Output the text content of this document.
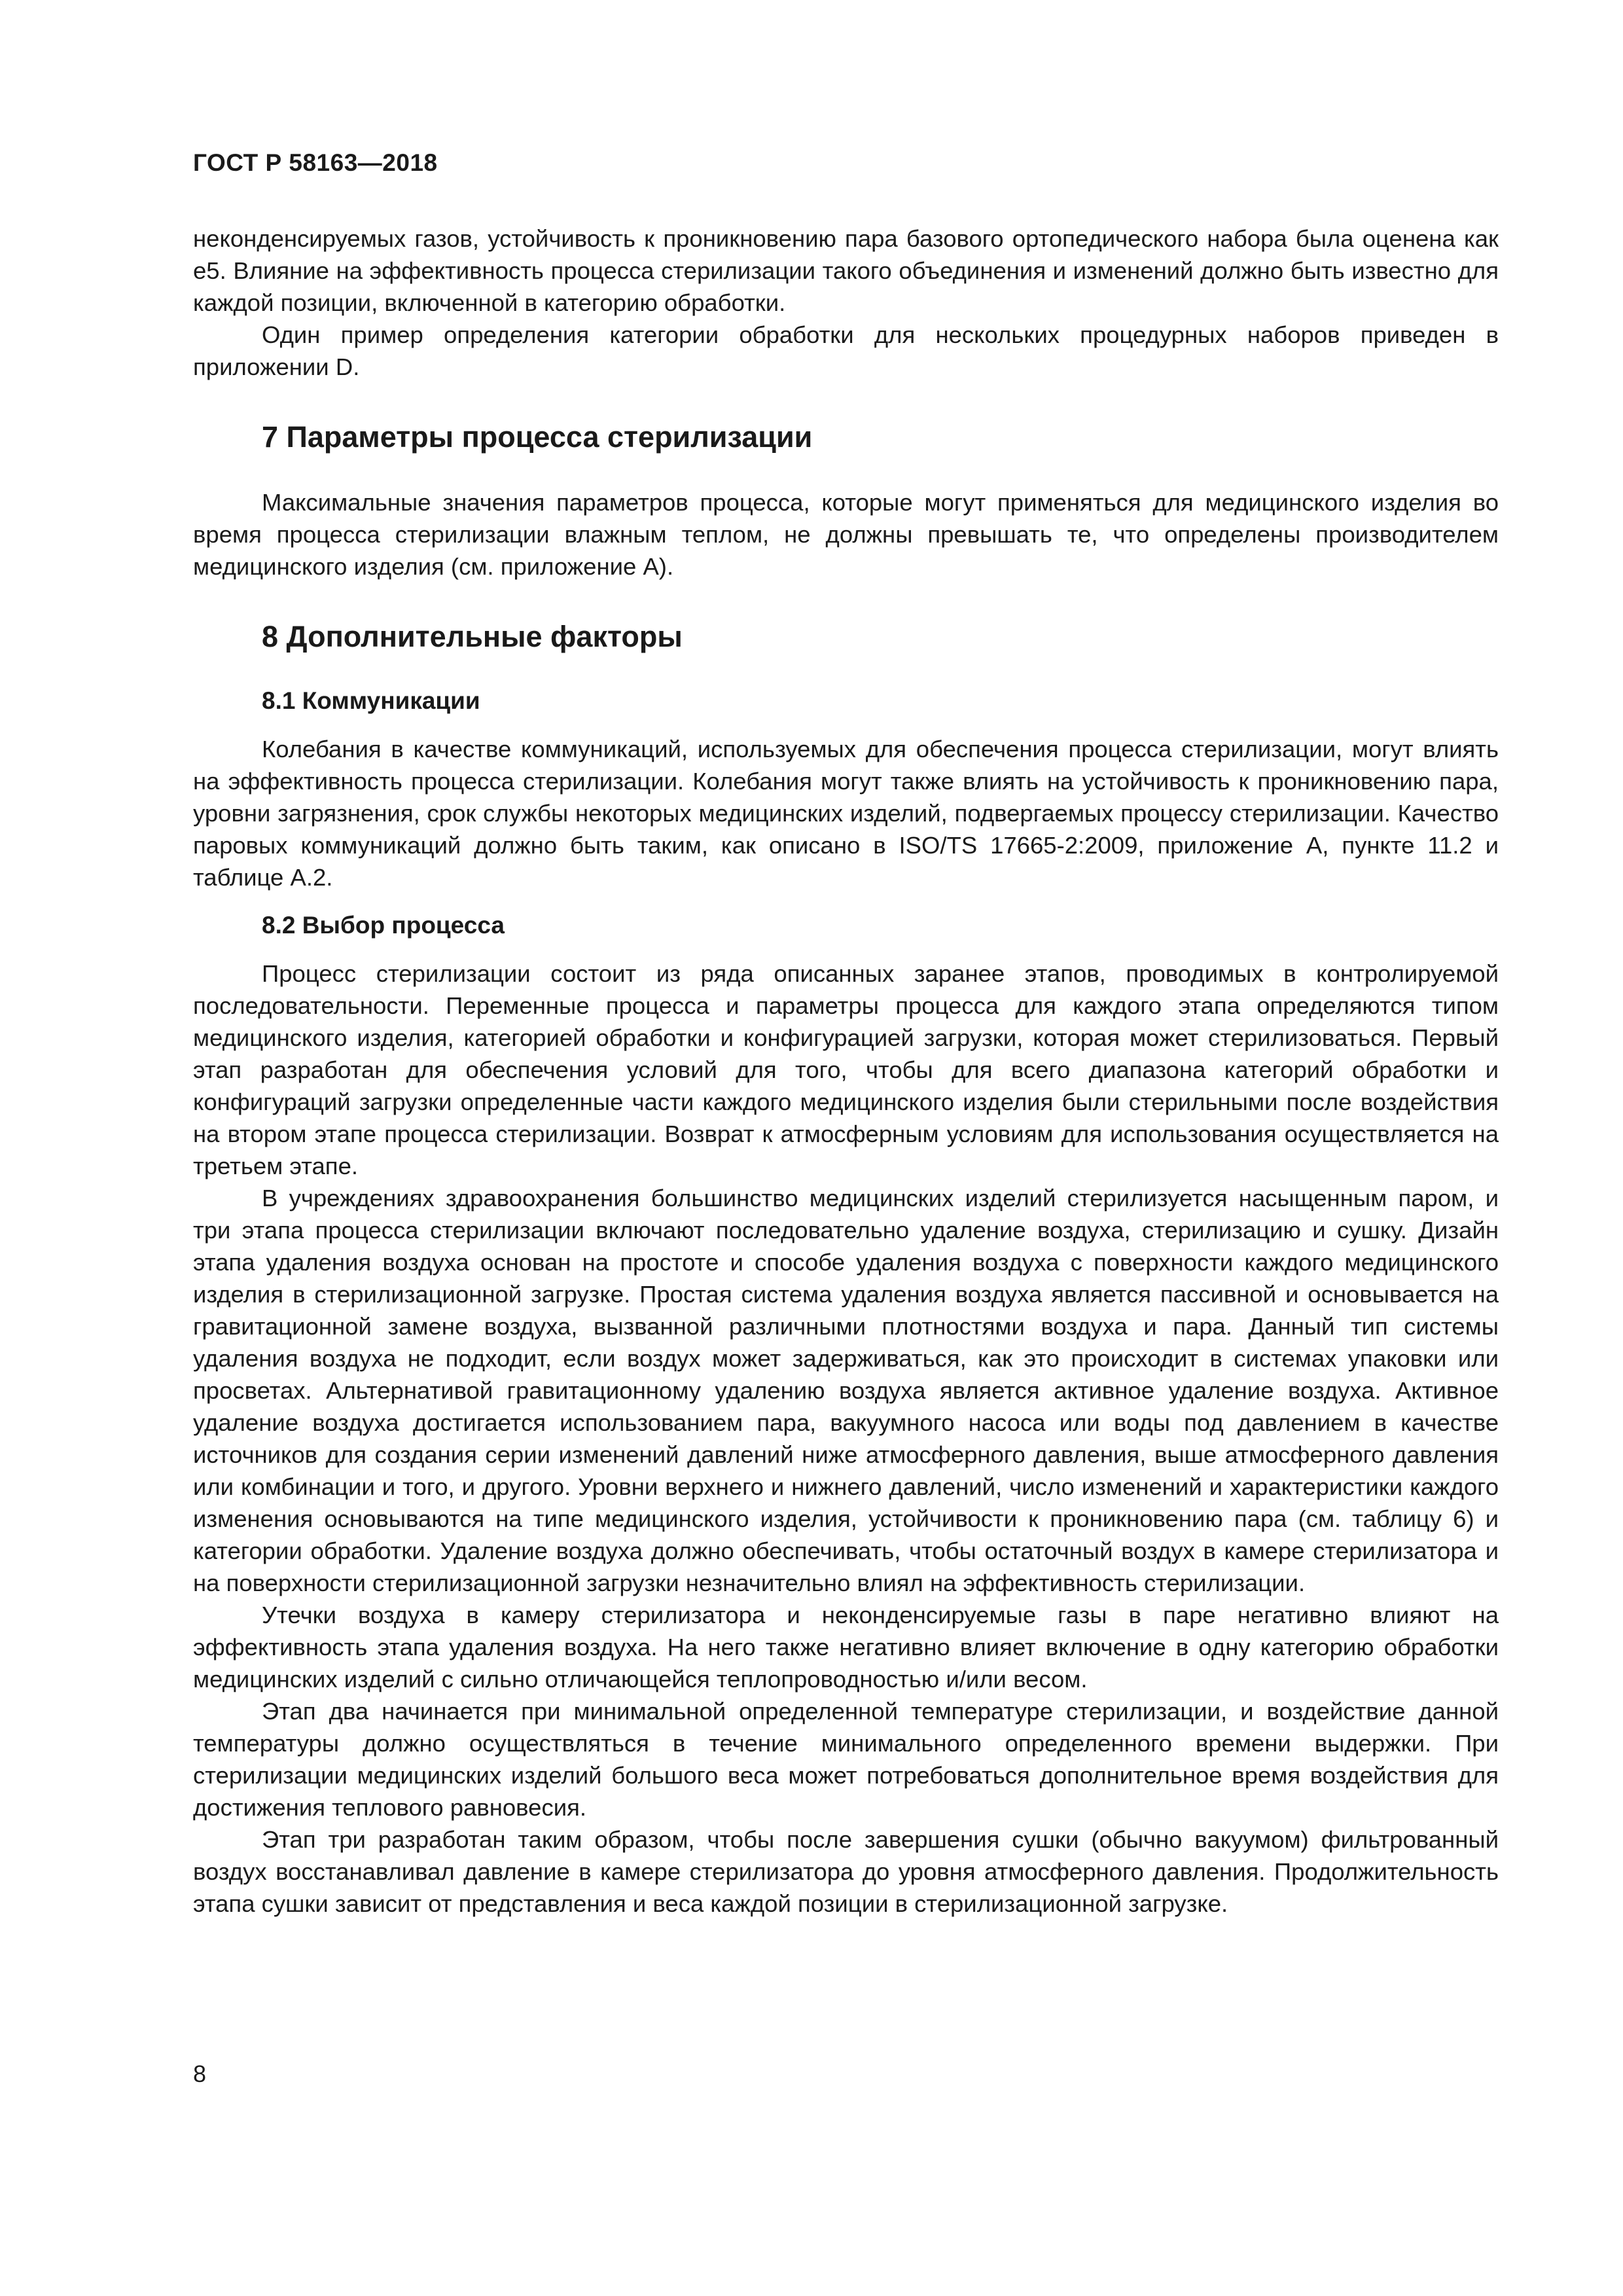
ГОСТ Р 58163—2018

неконденсируемых газов, устойчивость к проникновению пара базового ортопедического набора была оценена как е5. Влияние на эффективность процесса стерилизации такого объединения и изменений должно быть известно для каждой позиции, включенной в категорию обработки.

Один пример определения категории обработки для нескольких процедурных наборов приведен в приложении D.

7 Параметры процесса стерилизации

Максимальные значения параметров процесса, которые могут применяться для медицинского изделия во время процесса стерилизации влажным теплом, не должны превышать те, что определены производителем медицинского изделия (см. приложение А).

8 Дополнительные факторы
8.1 Коммуникации

Колебания в качестве коммуникаций, используемых для обеспечения процесса стерилизации, могут влиять на эффективность процесса стерилизации. Колебания могут также влиять на устойчивость к проникновению пара, уровни загрязнения, срок службы некоторых медицинских изделий, подвергаемых процессу стерилизации. Качество паровых коммуникаций должно быть таким, как описано в ISO/TS 17665-2:2009, приложение А, пункте 11.2 и таблице А.2.

8.2 Выбор процесса

Процесс стерилизации состоит из ряда описанных заранее этапов, проводимых в контролируемой последовательности. Переменные процесса и параметры процесса для каждого этапа определяются типом медицинского изделия, категорией обработки и конфигурацией загрузки, которая может стерилизоваться. Первый этап разработан для обеспечения условий для того, чтобы для всего диапазона категорий обработки и конфигураций загрузки определенные части каждого медицинского изделия были стерильными после воздействия на втором этапе процесса стерилизации. Возврат к атмосферным условиям для использования осуществляется на третьем этапе.

В учреждениях здравоохранения большинство медицинских изделий стерилизуется насыщенным паром, и три этапа процесса стерилизации включают последовательно удаление воздуха, стерилизацию и сушку. Дизайн этапа удаления воздуха основан на простоте и способе удаления воздуха с поверхности каждого медицинского изделия в стерилизационной загрузке. Простая система удаления воздуха является пассивной и основывается на гравитационной замене воздуха, вызванной различными плотностями воздуха и пара. Данный тип системы удаления воздуха не подходит, если воздух может задерживаться, как это происходит в системах упаковки или просветах. Альтернативой гравитационному удалению воздуха является активное удаление воздуха. Активное удаление воздуха достигается использованием пара, вакуумного насоса или воды под давлением в качестве источников для создания серии изменений давлений ниже атмосферного давления, выше атмосферного давления или комбинации и того, и другого. Уровни верхнего и нижнего давлений, число изменений и характеристики каждого изменения основываются на типе медицинского изделия, устойчивости к проникновению пара (см. таблицу 6) и категории обработки. Удаление воздуха должно обеспечивать, чтобы остаточный воздух в камере стерилизатора и на поверхности стерилизационной загрузки незначительно влиял на эффективность стерилизации.

Утечки воздуха в камеру стерилизатора и неконденсируемые газы в паре негативно влияют на эффективность этапа удаления воздуха. На него также негативно влияет включение в одну категорию обработки медицинских изделий с сильно отличающейся теплопроводностью и/или весом.

Этап два начинается при минимальной определенной температуре стерилизации, и воздействие данной температуры должно осуществляться в течение минимального определенного времени выдержки. При стерилизации медицинских изделий большого веса может потребоваться дополнительное время воздействия для достижения теплового равновесия.

Этап три разработан таким образом, чтобы после завершения сушки (обычно вакуумом) фильтрованный воздух восстанавливал давление в камере стерилизатора до уровня атмосферного давления. Продолжительность этапа сушки зависит от представления и веса каждой позиции в стерилизационной загрузке.

8
